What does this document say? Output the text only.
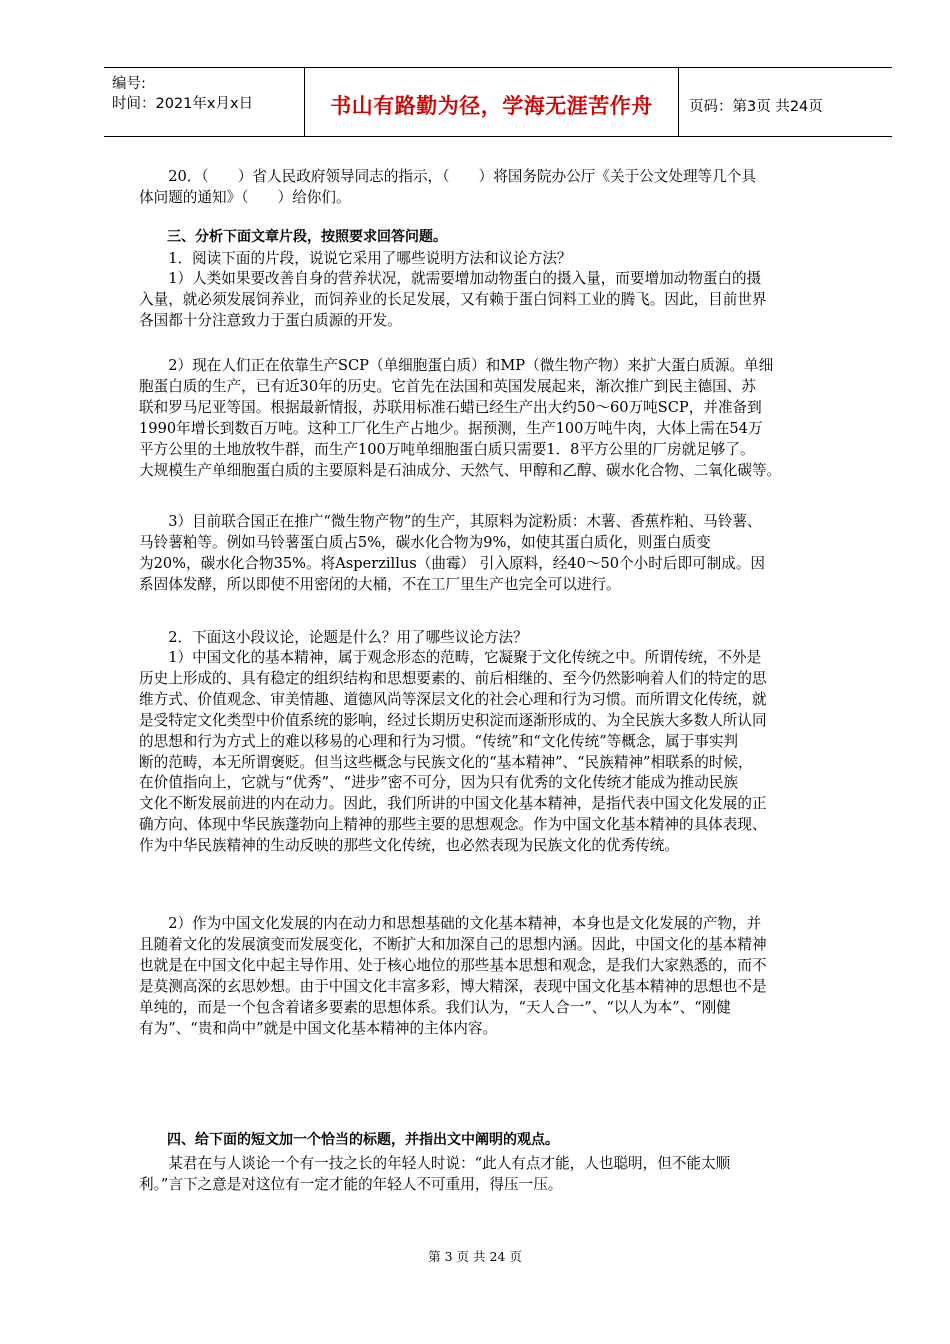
编号:
时间：2021年x月x日	书山有路勤为径，学海无涯苦作舟	页码：第3页 共24页
　　20．（　　）省人民政府领导同志的指示，（　　）将国务院办公厅《关于公文处理等几个具
体问题的通知》（　　）给你们。
　　三、分析下面文章片段，按照要求回答问题。
　　1．阅读下面的片段，说说它采用了哪些说明方法和议论方法？
　　1）人类如果要改善自身的营养状况，就需要增加动物蛋白的摄入量，而要增加动物蛋白的摄
入量，就必须发展饲养业，而饲养业的长足发展，又有赖于蛋白饲料工业的腾飞。因此，目前世界
各国都十分注意致力于蛋白质源的开发。
　　2）现在人们正在依靠生产SCP（单细胞蛋白质）和MP（微生物产物）来扩大蛋白质源。单细
胞蛋白质的生产，已有近30年的历史。它首先在法国和英国发展起来，渐次推广到民主德国、苏
联和罗马尼亚等国。根据最新情报，苏联用标准石蜡已经生产出大约50～60万吨SCP，并准备到
1990年增长到数百万吨。这种工厂化生产占地少。据预测，生产100万吨牛肉，大体上需在54万
平方公里的土地放牧牛群，而生产100万吨单细胞蛋白质只需要1．8平方公里的厂房就足够了。
大规模生产单细胞蛋白质的主要原料是石油成分、天然气、甲醇和乙醇、碳水化合物、二氧化碳等。
　　3）目前联合国正在推广“微生物产物”的生产，其原料为淀粉质：木薯、香蕉柞粕、马铃薯、
马铃薯粕等。例如马铃薯蛋白质占5%，碳水化合物为9%，如使其蛋白质化，则蛋白质变
为20%，碳水化合物35%。将Asperzillus（曲霉） 引入原料，经40～50个小时后即可制成。因
系固体发酵，所以即使不用密闭的大桶，不在工厂里生产也完全可以进行。
　　2．下面这小段议论，论题是什么？用了哪些议论方法？
　　1）中国文化的基本精神，属于观念形态的范畴，它凝聚于文化传统之中。所谓传统，不外是
历史上形成的、具有稳定的组织结构和思想要素的、前后相继的、至今仍然影响着人们的特定的思
维方式、价值观念、审美情趣、道德风尚等深层文化的社会心理和行为习惯。而所谓文化传统，就
是受特定文化类型中价值系统的影响，经过长期历史积淀而逐渐形成的、为全民族大多数人所认同
的思想和行为方式上的难以移易的心理和行为习惯。“传统”和“文化传统”等概念，属于事实判
断的范畴，本无所谓褒贬。但当这些概念与民族文化的“基本精神”、“民族精神”相联系的时候，
在价值指向上，它就与“优秀”、“进步”密不可分，因为只有优秀的文化传统才能成为推动民族
文化不断发展前进的内在动力。因此，我们所讲的中国文化基本精神，是指代表中国文化发展的正
确方向、体现中华民族蓬勃向上精神的那些主要的思想观念。作为中国文化基本精神的具体表现、
作为中华民族精神的生动反映的那些文化传统，也必然表现为民族文化的优秀传统。
　　2）作为中国文化发展的内在动力和思想基础的文化基本精神，本身也是文化发展的产物，并
且随着文化的发展演变而发展变化，不断扩大和加深自己的思想内涵。因此，中国文化的基本精神
也就是在中国文化中起主导作用、处于核心地位的那些基本思想和观念，是我们大家熟悉的，而不
是莫测高深的玄思妙想。由于中国文化丰富多彩，博大精深，表现中国文化基本精神的思想也不是
单纯的，而是一个包含着诸多要素的思想体系。我们认为，“天人合一”、“以人为本”、“刚健
有为”、“贵和尚中”就是中国文化基本精神的主体内容。
　　四、给下面的短文加一个恰当的标题，并指出文中阐明的观点。
　　某君在与人谈论一个有一技之长的年轻人时说：“此人有点才能，人也聪明，但不能太顺
利。”言下之意是对这位有一定才能的年轻人不可重用，得压一压。
第 3 页 共 24 页
